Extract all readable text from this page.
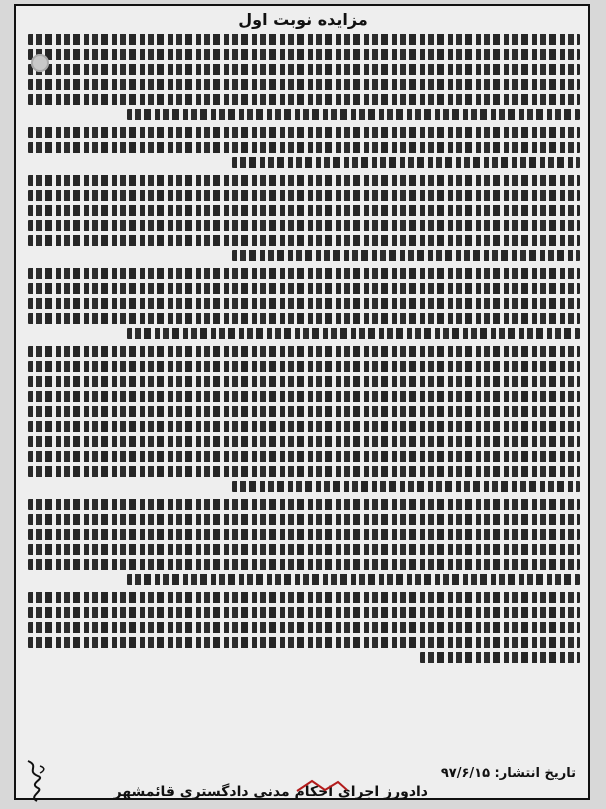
مزایده نوبت اول
تاریخ انتشار: ۹۷/۶/۱۵
دادورز اجرای احکام مدنی دادگستری قائمشهر
